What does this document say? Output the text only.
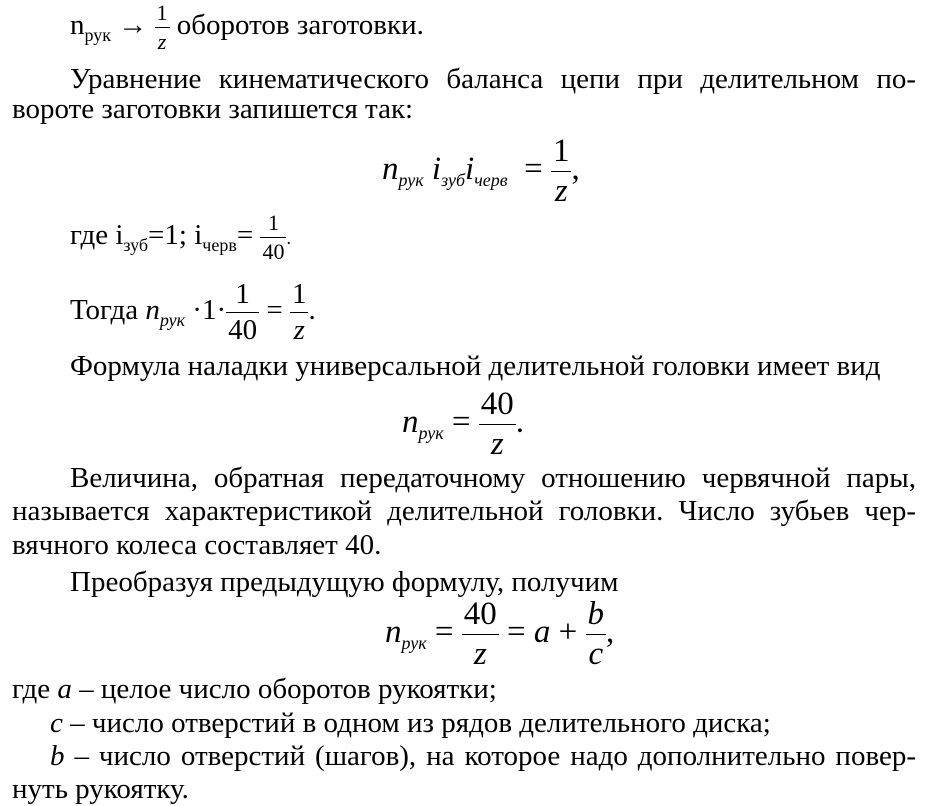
$n_{рук} \to \frac{1}{z}$ оборотов заготовки.
Уравнение кинематического баланса цепи при делительном по-
вороте заготовки запишется так:
$n_{рук}$ $i_{зуб}i_{черв} = \frac{1}{z}$ ,
где $i_{зуб}=1$; $i_{черв}= \frac{1}{40}$ .
Тогда $n_{рук} \cdot 1\cdot \frac{1}{40} = \frac{1}{z}$ .
Формула наладки универсальной делительной головки имеет вид
$n_{рук} = \frac{40}{z}$ .
Величина, обратная передаточному отношению червячной пары,
называется характеристикой делительной головки. Число зубьев чер-
вячного колеса составляет 40.
Преобразуя предыдущую формулу, получим
$n_{рук} = \frac{40}{z} = a + \frac{b}{c}$ ,
где a – целое число оборотов рукоятки;
c – число отверстий в одном из рядов делительного диска;
b – число отверстий (шагов), на которое надо дополнительно повер-
нуть рукоятку.
